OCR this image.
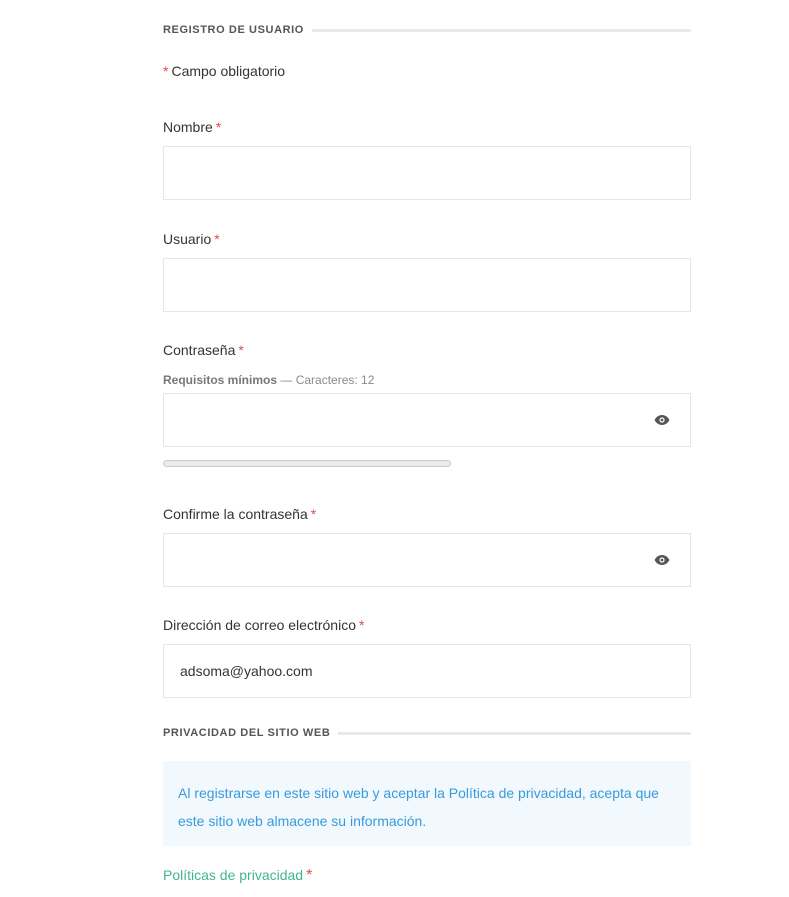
REGISTRO DE USUARIO
* Campo obligatorio
Nombre *
Usuario *
Contraseña *
Requisitos mínimos — Caracteres: 12
Confirme la contraseña *
Dirección de correo electrónico *
adsoma@yahoo.com
PRIVACIDAD DEL SITIO WEB
Al registrarse en este sitio web y aceptar la Política de privacidad, acepta que este sitio web almacene su información.
Políticas de privacidad *
